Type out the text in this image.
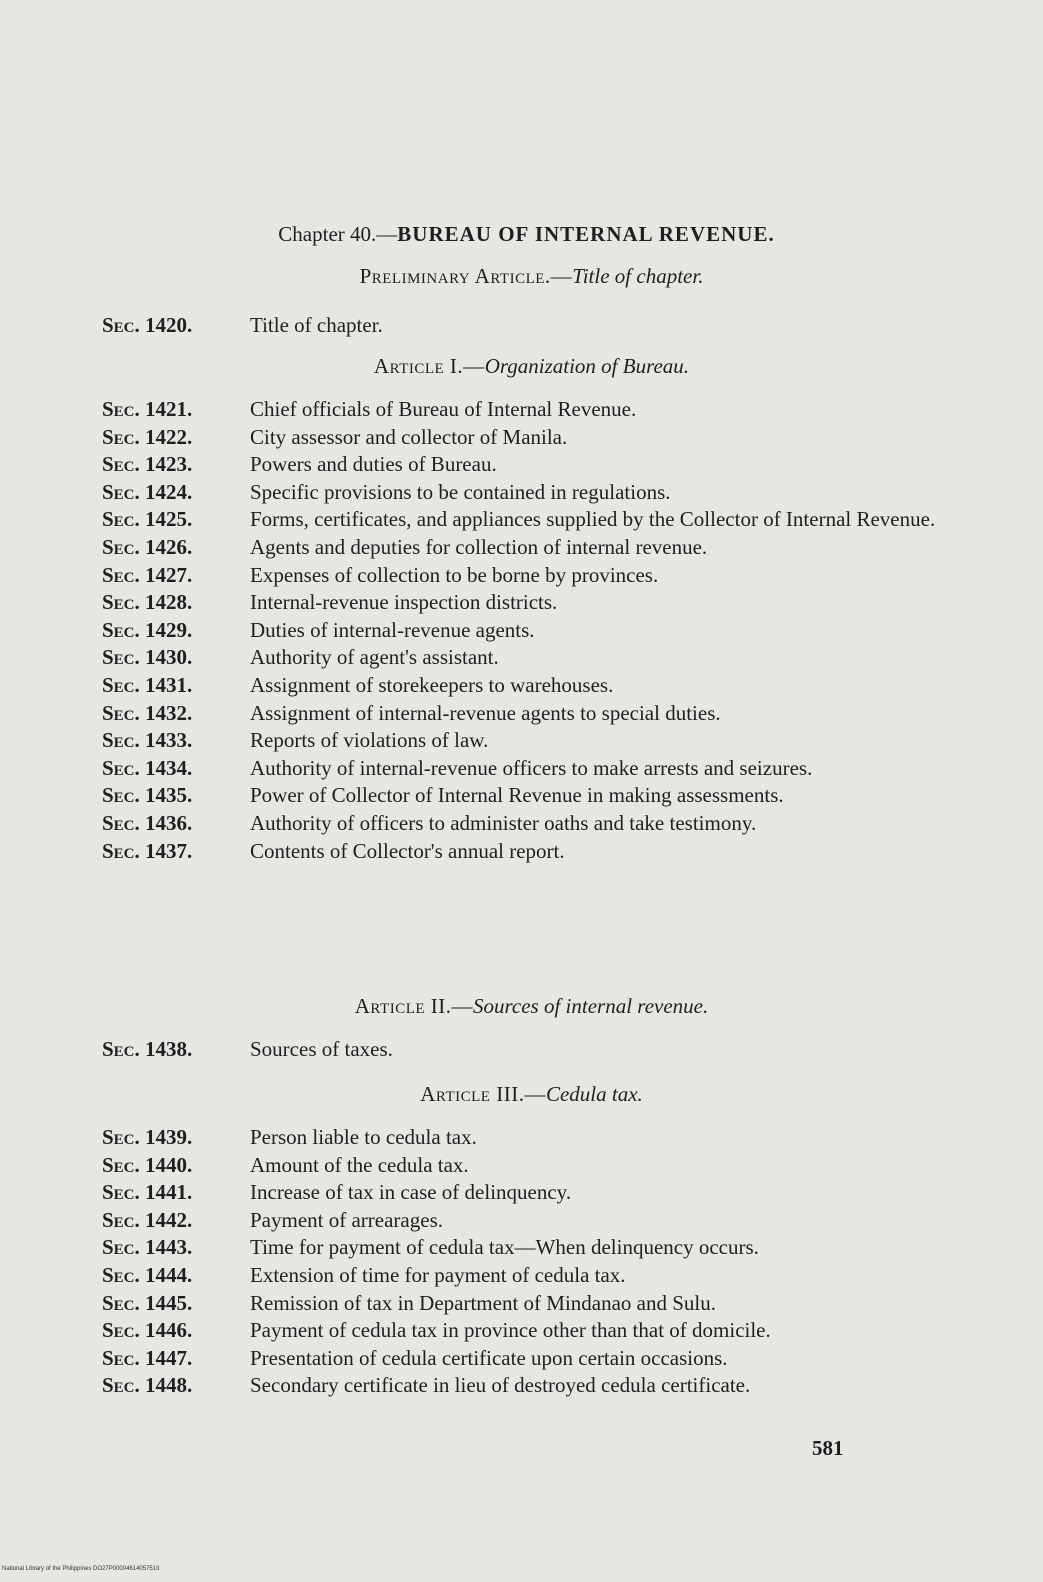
Chapter 40.—BUREAU OF INTERNAL REVENUE.
Preliminary Article.—Title of chapter.
Sec. 1420.	Title of chapter.
Article I.—Organization of Bureau.
Sec. 1421.	Chief officials of Bureau of Internal Revenue.
Sec. 1422.	City assessor and collector of Manila.
Sec. 1423.	Powers and duties of Bureau.
Sec. 1424.	Specific provisions to be contained in regulations.
Sec. 1425.	Forms, certificates, and appliances supplied by the Collector of Internal Revenue.
Sec. 1426.	Agents and deputies for collection of internal revenue.
Sec. 1427.	Expenses of collection to be borne by provinces.
Sec. 1428.	Internal-revenue inspection districts.
Sec. 1429.	Duties of internal-revenue agents.
Sec. 1430.	Authority of agent's assistant.
Sec. 1431.	Assignment of storekeepers to warehouses.
Sec. 1432.	Assignment of internal-revenue agents to special duties.
Sec. 1433.	Reports of violations of law.
Sec. 1434.	Authority of internal-revenue officers to make arrests and seizures.
Sec. 1435.	Power of Collector of Internal Revenue in making assessments.
Sec. 1436.	Authority of officers to administer oaths and take testimony.
Sec. 1437.	Contents of Collector's annual report.
Article II.—Sources of internal revenue.
Sec. 1438.	Sources of taxes.
Article III.—Cedula tax.
Sec. 1439.	Person liable to cedula tax.
Sec. 1440.	Amount of the cedula tax.
Sec. 1441.	Increase of tax in case of delinquency.
Sec. 1442.	Payment of arrearages.
Sec. 1443.	Time for payment of cedula tax—When delinquency occurs.
Sec. 1444.	Extension of time for payment of cedula tax.
Sec. 1445.	Remission of tax in Department of Mindanao and Sulu.
Sec. 1446.	Payment of cedula tax in province other than that of domicile.
Sec. 1447.	Presentation of cedula certificate upon certain occasions.
Sec. 1448.	Secondary certificate in lieu of destroyed cedula certificate.
581
National Library of the Philippines DO27P0000461405751II
